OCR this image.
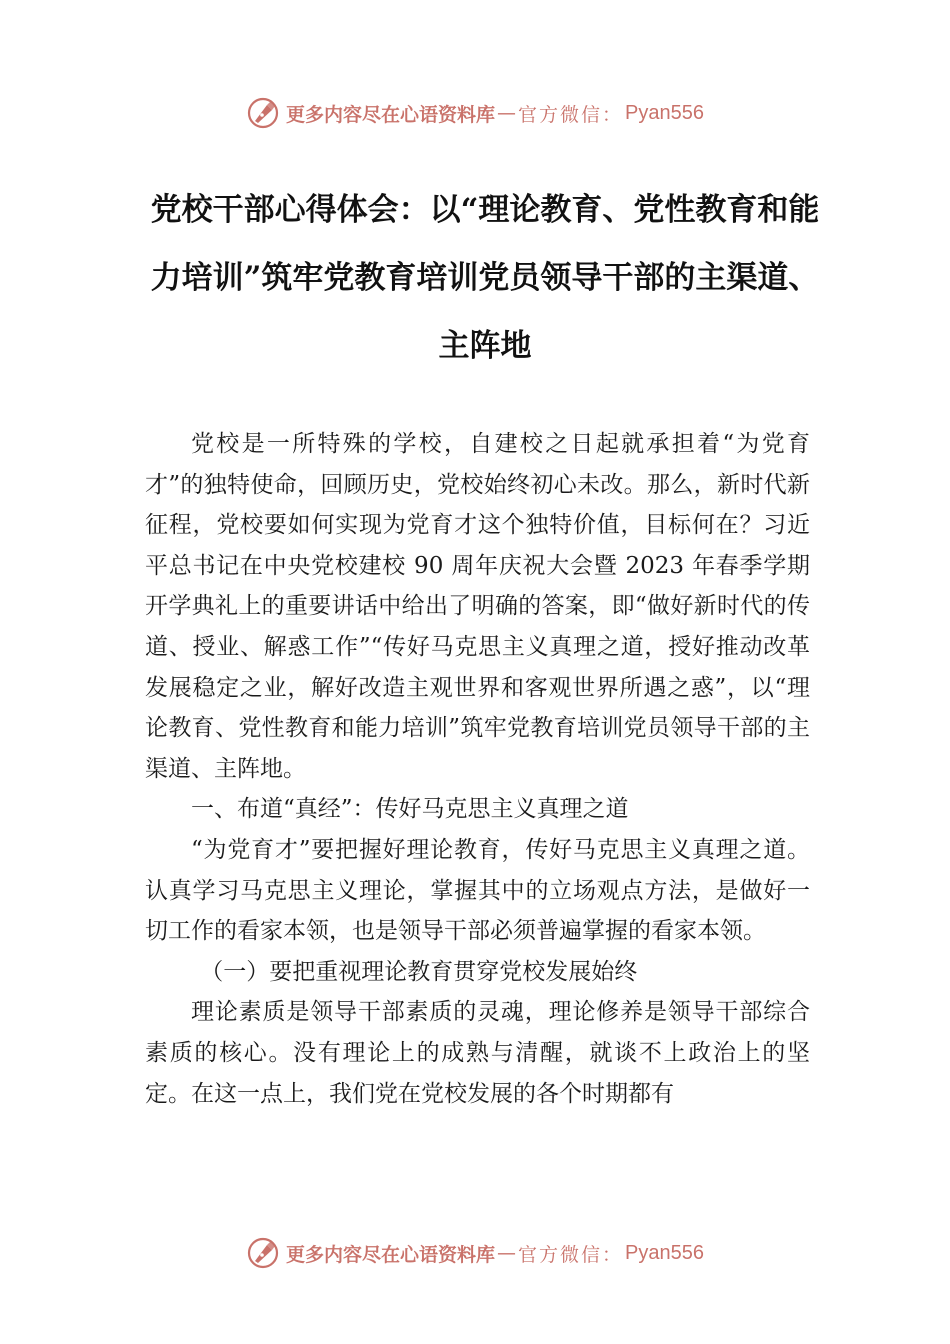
更多内容尽在心语资料库 — 官方微信： Pyan556
党校干部心得体会：以“理论教育、党性教育和能力培训”筑牢党教育培训党员领导干部的主渠道、主阵地

党校是一所特殊的学校，自建校之日起就承担着“为党育才”的独特使命，回顾历史，党校始终初心未改。那么，新时代新征程，党校要如何实现为党育才这个独特价值，目标何在？习近平总书记在中央党校建校 90 周年庆祝大会暨 2023 年春季学期开学典礼上的重要讲话中给出了明确的答案，即“做好新时代的传道、授业、解惑工作”“传好马克思主义真理之道，授好推动改革发展稳定之业，解好改造主观世界和客观世界所遇之惑”，以“理论教育、党性教育和能力培训”筑牢党教育培训党员领导干部的主渠道、主阵地。

一、布道“真经”：传好马克思主义真理之道

“为党育才”要把握好理论教育，传好马克思主义真理之道。认真学习马克思主义理论，掌握其中的立场观点方法，是做好一切工作的看家本领，也是领导干部必须普遍掌握的看家本领。

（一）要把重视理论教育贯穿党校发展始终

理论素质是领导干部素质的灵魂，理论修养是领导干部综合素质的核心。没有理论上的成熟与清醒，就谈不上政治上的坚定。在这一点上，我们党在党校发展的各个时期都有

更多内容尽在心语资料库 — 官方微信： Pyan556
